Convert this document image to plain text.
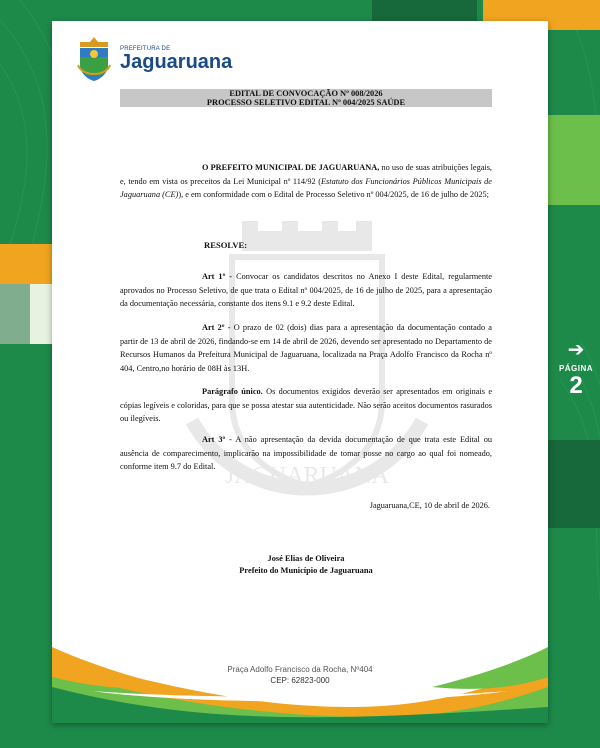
PREFEITURA DE
Jaguaruana
EDITAL DE CONVOCAÇÃO Nº 008/2026
PROCESSO SELETIVO EDITAL Nº 004/2025 SAÚDE
JAGUARUANA
O PREFEITO MUNICIPAL DE JAGUARUANA, no uso de suas atribuições legais, e, tendo em vista os preceitos da Lei Municipal nº 114/92 (Estatuto dos Funcionários Públicos Municipais de Jaguaruana (CE)), e em conformidade com o Edital de Processo Seletivo nº 004/2025, de 16 de julho de 2025;
RESOLVE:
Art 1º - Convocar os candidatos descritos no Anexo I deste Edital, regularmente aprovados no Processo Seletivo, de que trata o Edital nº 004/2025, de 16 de julho de 2025, para a apresentação da documentação necessária, constante dos itens 9.1 e 9.2 deste Edital.
Art 2º - O prazo de 02 (dois) dias para a apresentação da documentação contado a partir de 13 de abril de 2026, findando-se em 14 de abril de 2026, devendo ser apresentado no Departamento de Recursos Humanos da Prefeitura Municipal de Jaguaruana, localizada na Praça Adolfo Francisco da Rocha nº 404, Centro,no horário de 08H às 13H.
Parágrafo único. Os documentos exigidos deverão ser apresentados em originais e cópias legíveis e coloridas, para que se possa atestar sua autenticidade. Não serão aceitos documentos rasurados ou ilegíveis.
Art 3º - A não apresentação da devida documentação de que trata este Edital ou ausência de comparecimento, implicarão na impossibilidade de tomar posse no cargo ao qual foi nomeado, conforme item 9.7 do Edital.
Jaguaruana,CE, 10 de abril de 2026.
José Elias de Oliveira
Prefeito do Município de Jaguaruana
Praça Adolfo Francisco da Rocha, Nº404
CEP: 62823-000
➔
PÁGINA
2
